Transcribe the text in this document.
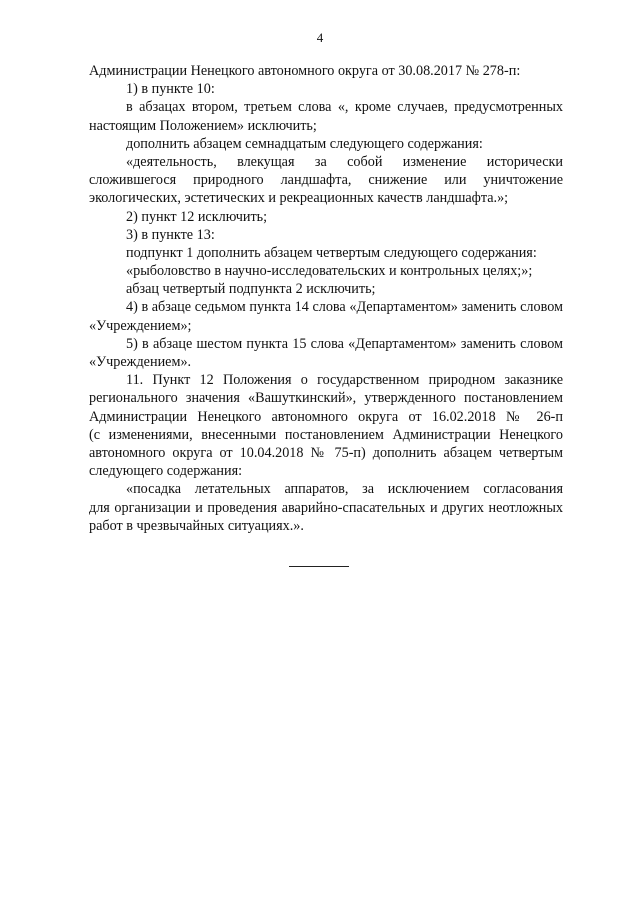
4
Администрации Ненецкого автономного округа от 30.08.2017 № 278-п:
1) в пункте 10:
в абзацах втором, третьем слова «, кроме случаев, предусмотренных
настоящим Положением» исключить;
дополнить абзацем семнадцатым следующего содержания:
«деятельность, влекущая за собой изменение исторически
сложившегося природного ландшафта, снижение или уничтожение
экологических, эстетических и рекреационных качеств ландшафта.»;
2) пункт 12 исключить;
3) в пункте 13:
подпункт 1 дополнить абзацем четвертым следующего содержания:
«рыболовство в научно-исследовательских и контрольных целях;»;
абзац четвертый подпункта 2 исключить;
4) в абзаце седьмом пункта 14 слова «Департаментом» заменить словом
«Учреждением»;
5) в абзаце шестом пункта 15 слова «Департаментом» заменить словом
«Учреждением».
11. Пункт 12 Положения о государственном природном заказнике
регионального значения «Вашуткинский», утвержденного постановлением
Администрации Ненецкого автономного округа от 16.02.2018 № 26-п
(с изменениями, внесенными постановлением Администрации Ненецкого
автономного округа от 10.04.2018 № 75-п) дополнить абзацем четвертым
следующего содержания:
«посадка летательных аппаратов, за исключением согласования
для организации и проведения аварийно-спасательных и других неотложных
работ в чрезвычайных ситуациях.».
